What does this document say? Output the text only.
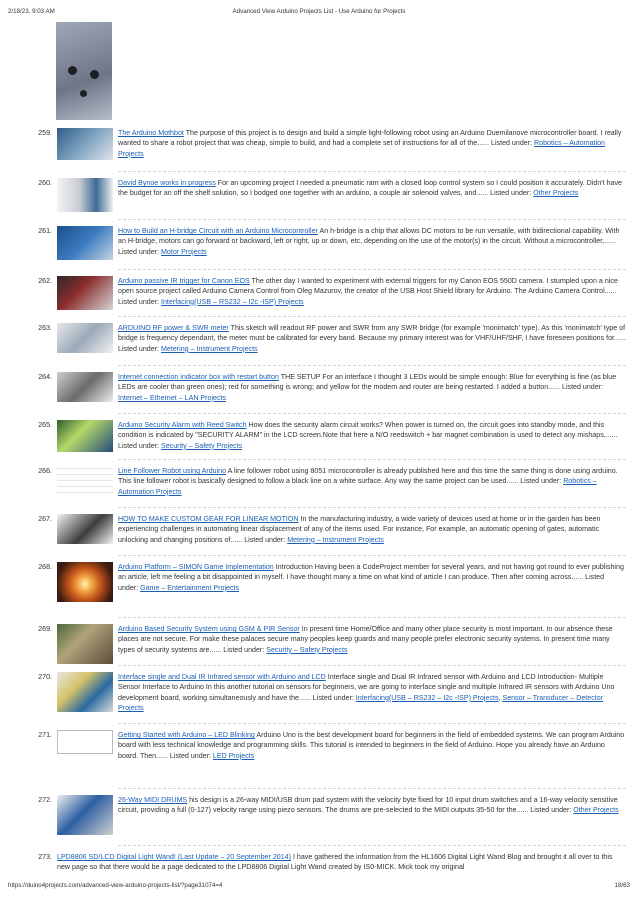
2/18/23, 9:03 AM	Advanced View Arduino Projects List - Use Arduino for Projects
259.	The Arduino Mothbot The purpose of this project is to design and build a simple light-following robot using an Arduino Duemilanove microcontroller board. I really wanted to share a robot project that was cheap, simple to build, and had a complete set of instructions for all of the...... Listed under: Robotics – Automation Projects
260.	David Bynoe works in progress For an upcoming project I needed a pneumatic ram with a closed loop control system so I could position it accurately. Didn't have the budget for an off the shelf solution, so I bodged one together with an arduino, a couple air solenoid valves, and...... Listed under: Other Projects
261.	How to Build an H-bridge Circuit with an Arduino Microcontroller An h-bridge is a chip that allows DC motors to be run versatile, with bidirectional capability. With an H-bridge, motors can go forward or backward, left or right, up or down, etc, depending on the use of the motor(s) in the circuit. Without a microcontroller,...... Listed under: Motor Projects
262.	Arduino passive IR trigger for Canon EOS The other day I wanted to experiment with external triggers for my Canon EOS 550D camera. I stumpled upon a nice open source project called Arduino Camera Control from Oleg Mazurov, the creator of the USB Host Shield library for Arduino. The Arduino Camera Control...... Listed under: Interfacing(USB – RS232 – I2c -ISP) Projects
263.	ARDUINO RF power & SWR meter This sketch will readout RF power and SWR from any SWR bridge (for example 'monimatch' type). As this 'monimatch' type of bridge is frequency dependant, the meter must be calibrated for every band. Because my primary interest was for VHF/UHF/SHF, I have foreseen positions for...... Listed under: Metering – Instrument Projects
264.	Internet connection indicator box with restart button THE SETUP For an interface I thought 3 LEDs would be simple enough: Blue for everything is fine (as blue LEDs are cooler than green ones); red for something is wrong; and yellow for the modem and router are being restarted. I added a button...... Listed under: Internet – Ethernet – LAN Projects
265.	Arduino Security Alarm with Reed Switch How does the security alarm circuit works? When power is turned on, the circuit goes into standby mode, and this condition is indicated by "SECURITY ALARM" in the LCD screen.Note that here a N/O reedswitch + bar magnet combination is used to detect any mishaps,...... Listed under: Security – Safety Projects
266.	Line Follower Robot using Arduino A line follower robot using 8051 microcontroller is already published here and this time the same thing is done using arduino. This line follower robot is basically designed to follow a black line on a white surface. Any way the same project can be used...... Listed under: Robotics – Automation Projects
267.	HOW TO MAKE CUSTOM GEAR FOR LINEAR MOTION In the manufacturing industry, a wide variety of devices used at home or in the garden has been experiencing challenges in automating linear displacement of any of the items used. For instance, For example, an automatic opening of gates, automatic unlocking and changing positions of...... Listed under: Metering – Instrument Projects
268.	Arduino Platform – SIMON Game Implementation Introduction Having been a CodeProject member for several years, and not having got round to ever publishing an article, left me feeling a bit disappointed in myself. I have thought many a time on what kind of article I can produce. Then after coming across...... Listed under: Game – Entertainment Projects
269.	Arduino Based Security System using GSM & PIR Sensor In present time Home/Office and many other place security is most important. In our absence these places are not secure. For make these palaces secure many peoples keep guards and many people prefer electronic security systems. In present time many types of security systems are...... Listed under: Security – Safety Projects
270.	Interface single and Dual IR Infrared sensor with Arduino and LCD Interface single and Dual IR Infrared sensor with Arduino and LCD Introduction- Multiple Sensor Interface to Arduino In this another tutorial on sensors for beginners, we are going to interface single and multiple Infrared IR sensors with Arduino Uno development board, working simultaneously and have the...... Listed under: Interfacing(USB – RS232 – I2c -ISP) Projects, Sensor – Transducer – Detector Projects
271.	Getting Started with Arduino – LED Blinking Arduino Uno is the best development board for beginners in the field of embedded systems. We can program Arduino board with less technical knowledge and programming skills. This tutorial is intended to beginners in the field of Arduino. Hope you already have an Arduino board. Then...... Listed under: LED Projects
272.	26-Way MIDI DRUMS his design is a 26-way MIDI/USB drum pad system with the velocity byte fixed for 10 input drum switches and a 16-way velocity sensitive circuit, providing a full (0-127) velocity range using piezo sensors. The drums are pre-selected to the MIDI outputs 35-50 for the...... Listed under: Other Projects
273. LPD8806 SD/LCD Digital Light Wand! (Last Update – 20 September 2014) I have gathered the information from the HL1606 Digital Light Wand Blog and brought it all over to this new page so that there would be a page dedicated to the LPD8806 Digital Light Wand created by IS0-MICK. Mick took my original
https://duino4projects.com/advanced-view-arduino-projects-list/?page31074=4	18/63
